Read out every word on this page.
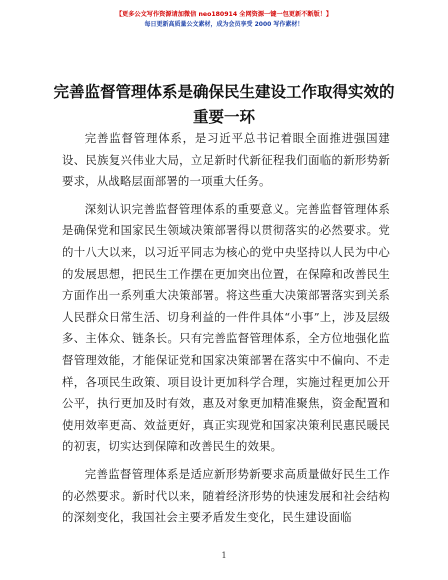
【更多公文写作资源请加微信 neo180914 全网资源一键一包更新不断版！】
每日更新高质量公文素材，成为会员享受 2000 写作素材！
完善监督管理体系是确保民生建设工作取得实效的重要一环

完善监督管理体系，是习近平总书记着眼全面推进强国建设、民族复兴伟业大局，立足新时代新征程我们面临的新形势新要求，从战略层面部署的一项重大任务。

深刻认识完善监督管理体系的重要意义。完善监督管理体系是确保党和国家民生领域决策部署得以贯彻落实的必然要求。党的十八大以来，以习近平同志为核心的党中央坚持以人民为中心的发展思想，把民生工作摆在更加突出位置，在保障和改善民生方面作出一系列重大决策部署。将这些重大决策部署落实到关系人民群众日常生活、切身利益的一件件具体“小事”上，涉及层级多、主体众、链条长。只有完善监督管理体系，全方位地强化监督管理效能，才能保证党和国家决策部署在落实中不偏向、不走样，各项民生政策、项目设计更加科学合理，实施过程更加公开公平，执行更加及时有效，惠及对象更加精准聚焦，资金配置和使用效率更高、效益更好，真正实现党和国家决策利民惠民暖民的初衷，切实达到保障和改善民生的效果。

完善监督管理体系是适应新形势新要求高质量做好民生工作的必然要求。新时代以来，随着经济形势的快速发展和社会结构的深刻变化，我国社会主要矛盾发生变化，民生建设面临

1
